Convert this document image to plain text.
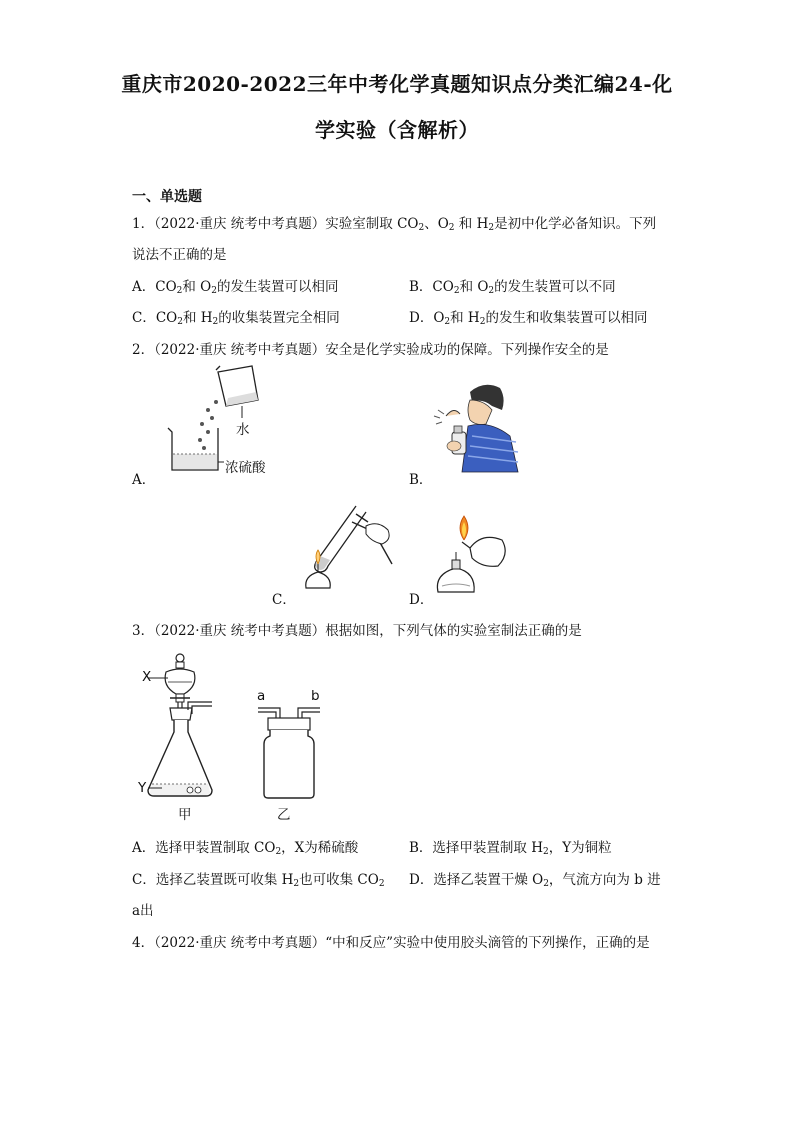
重庆市2020-2022三年中考化学真题知识点分类汇编24-化
学实验（含解析）
一、单选题
1．（2022·重庆 统考中考真题）实验室制取 $CO_2$、$O_2$ 和 $H_2$是初中化学必备知识。下列
说法不正确的是
A．$CO_2$和 $O_2$的发生装置可以相同	B．$CO_2$和 $O_2$的发生装置可以不同
C．$CO_2$和 $H_2$的收集装置完全相同	D．$O_2$和 $H_2$的发生和收集装置可以相同
2．（2022·重庆 统考中考真题）安全是化学实验成功的保障。下列操作安全的是
水
浓硫酸
A．	B．
C．	D．
3．（2022·重庆 统考中考真题）根据如图，下列气体的实验室制法正确的是
X
Y
甲
a	b
乙
A．选择甲装置制取 $CO_2$，X为稀硫酸	B．选择甲装置制取 $H_2$，Y为铜粒
C．选择乙装置既可收集 $H_2$也可收集 $CO_2$ D．选择乙装置干燥 $O_2$，气流方向为 b 进
a出
4．（2022·重庆 统考中考真题）“中和反应”实验中使用胶头滴管的下列操作，正确的是
